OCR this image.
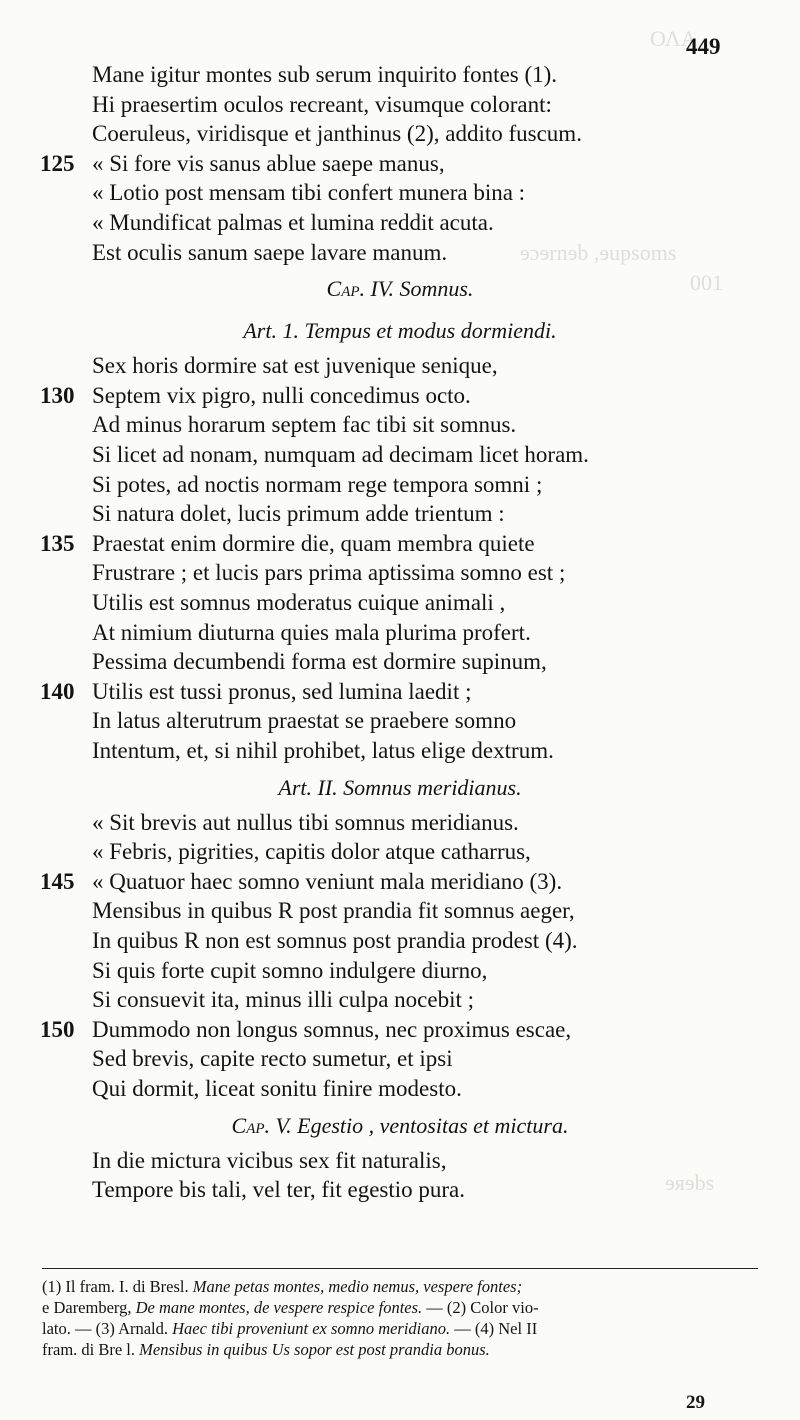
ΟΛΑ
ɘɔɘrnɘb ,ɘupsoms
001
ɘᴙɘbs
449
Mane igitur montes sub serum inquirito fontes (1).
Hi praesertim oculos recreant, visumque colorant:
Coeruleus, viridisque et janthinus (2), addito fuscum.
125 « Si fore vis sanus ablue saepe manus,
« Lotio post mensam tibi confert munera bina :
« Mundificat palmas et lumina reddit acuta.
Est oculis sanum saepe lavare manum.
Cap. IV. Somnus.
Art. 1. Tempus et modus dormiendi.
Sex horis dormire sat est juvenique senique,
130 Septem vix pigro, nulli concedimus octo.
Ad minus horarum septem fac tibi sit somnus.
Si licet ad nonam, numquam ad decimam licet horam.
Si potes, ad noctis normam rege tempora somni ;
Si natura dolet, lucis primum adde trientum :
135 Praestat enim dormire die, quam membra quiete
Frustrare ; et lucis pars prima aptissima somno est ;
Utilis est somnus moderatus cuique animali ,
At nimium diuturna quies mala plurima profert.
Pessima decumbendi forma est dormire supinum,
140 Utilis est tussi pronus, sed lumina laedit ;
In latus alterutrum praestat se praebere somno
Intentum, et, si nihil prohibet, latus elige dextrum.
Art. II. Somnus meridianus.
« Sit brevis aut nullus tibi somnus meridianus.
« Febris, pigrities, capitis dolor atque catharrus,
145 « Quatuor haec somno veniunt mala meridiano (3).
Mensibus in quibus R post prandia fit somnus aeger,
In quibus R non est somnus post prandia prodest (4).
Si quis forte cupit somno indulgere diurno,
Si consuevit ita, minus illi culpa nocebit ;
150 Dummodo non longus somnus, nec proximus escae,
Sed brevis, capite recto sumetur, et ipsi
Qui dormit, liceat sonitu finire modesto.
Cap. V. Egestio , ventositas et mictura.
In die mictura vicibus sex fit naturalis,
Tempore bis tali, vel ter, fit egestio pura.
(1) Il fram. I. di Bresl. Mane petas montes, medio nemus, vespere fontes;
e Daremberg, De mane montes, de vespere respice fontes. — (2) Color vio-
lato. — (3) Arnald. Haec tibi proveniunt ex somno meridiano. — (4) Nel II
fram. di Bre l. Mensibus in quibus Us sopor est post prandia bonus.
29
